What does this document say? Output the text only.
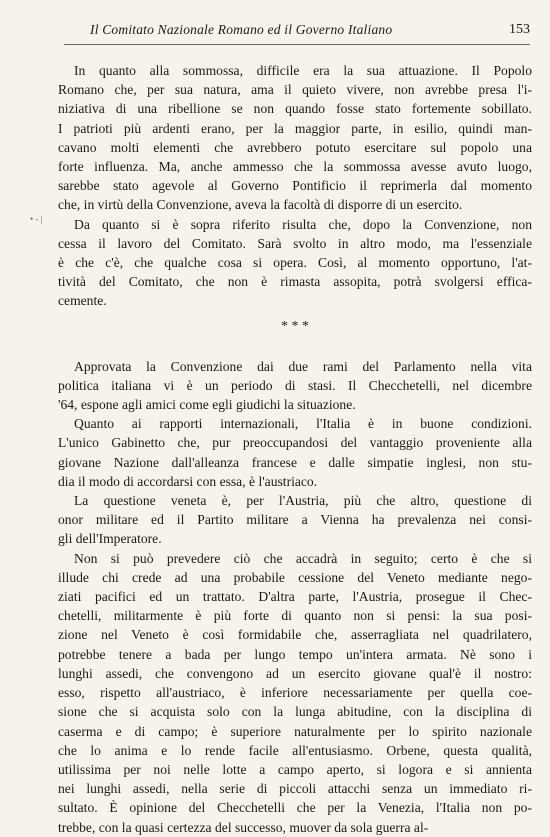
Il Comitato Nazionale Romano ed il Governo Italiano	153
• - |
In quanto alla sommossa, difficile era la sua attuazione. Il Popolo
Romano che, per sua natura, ama il quieto vivere, non avrebbe presa l'i-
niziativa di una ribellione se non quando fosse stato fortemente sobillato.
I patrioti più ardenti erano, per la maggior parte, in esilio, quindi man-
cavano molti elementi che avrebbero potuto esercitare sul popolo una
forte influenza. Ma, anche ammesso che la sommossa avesse avuto luogo,
sarebbe stato agevole al Governo Pontificio il reprimerla dal momento
che, in virtù della Convenzione, aveva la facoltà di disporre di un esercito.
Da quanto si è sopra riferito risulta che, dopo la Convenzione, non
cessa il lavoro del Comitato. Sarà svolto in altro modo, ma l'essenziale
è che c'è, che qualche cosa si opera. Così, al momento opportuno, l'at-
tività del Comitato, che non è rimasta assopita, potrà svolgersi effica-
cemente.
* * *
Approvata la Convenzione dai due rami del Parlamento nella vita
politica italiana vi è un periodo di stasi. Il Checchetelli, nel dicembre
'64, espone agli amici come egli giudichi la situazione.
Quanto ai rapporti internazionali, l'Italia è in buone condizioni.
L'unico Gabinetto che, pur preoccupandosi del vantaggio proveniente alla
giovane Nazione dall'alleanza francese e dalle simpatie inglesi, non stu-
dia il modo di accordarsi con essa, è l'austriaco.
La questione veneta è, per l'Austria, più che altro, questione di
onor militare ed il Partito militare a Vienna ha prevalenza nei consi-
gli dell'Imperatore.
Non si può prevedere ciò che accadrà in seguito; certo è che si
illude chi crede ad una probabile cessione del Veneto mediante nego-
ziati pacifici ed un trattato. D'altra parte, l'Austria, prosegue il Chec-
chetelli, militarmente è più forte di quanto non si pensi: la sua posi-
zione nel Veneto è così formidabile che, asserragliata nel quadrilatero,
potrebbe tenere a bada per lungo tempo un'intera armata. Nè sono i
lunghi assedi, che convengono ad un esercito giovane qual'è il nostro:
esso, rispetto all'austriaco, è inferiore necessariamente per quella coe-
sione che si acquista solo con la lunga abitudine, con la disciplina di
caserma e di campo; è superiore naturalmente per lo spirito nazionale
che lo anima e lo rende facile all'entusiasmo. Orbene, questa qualità,
utilissima per noi nelle lotte a campo aperto, si logora e si annienta
nei lunghi assedi, nella serie di piccoli attacchi senza un immediato ri-
sultato. È opinione del Checchetelli che per la Venezia, l'Italia non po-
trebbe, con la quasi certezza del successo, muover da sola guerra al-
